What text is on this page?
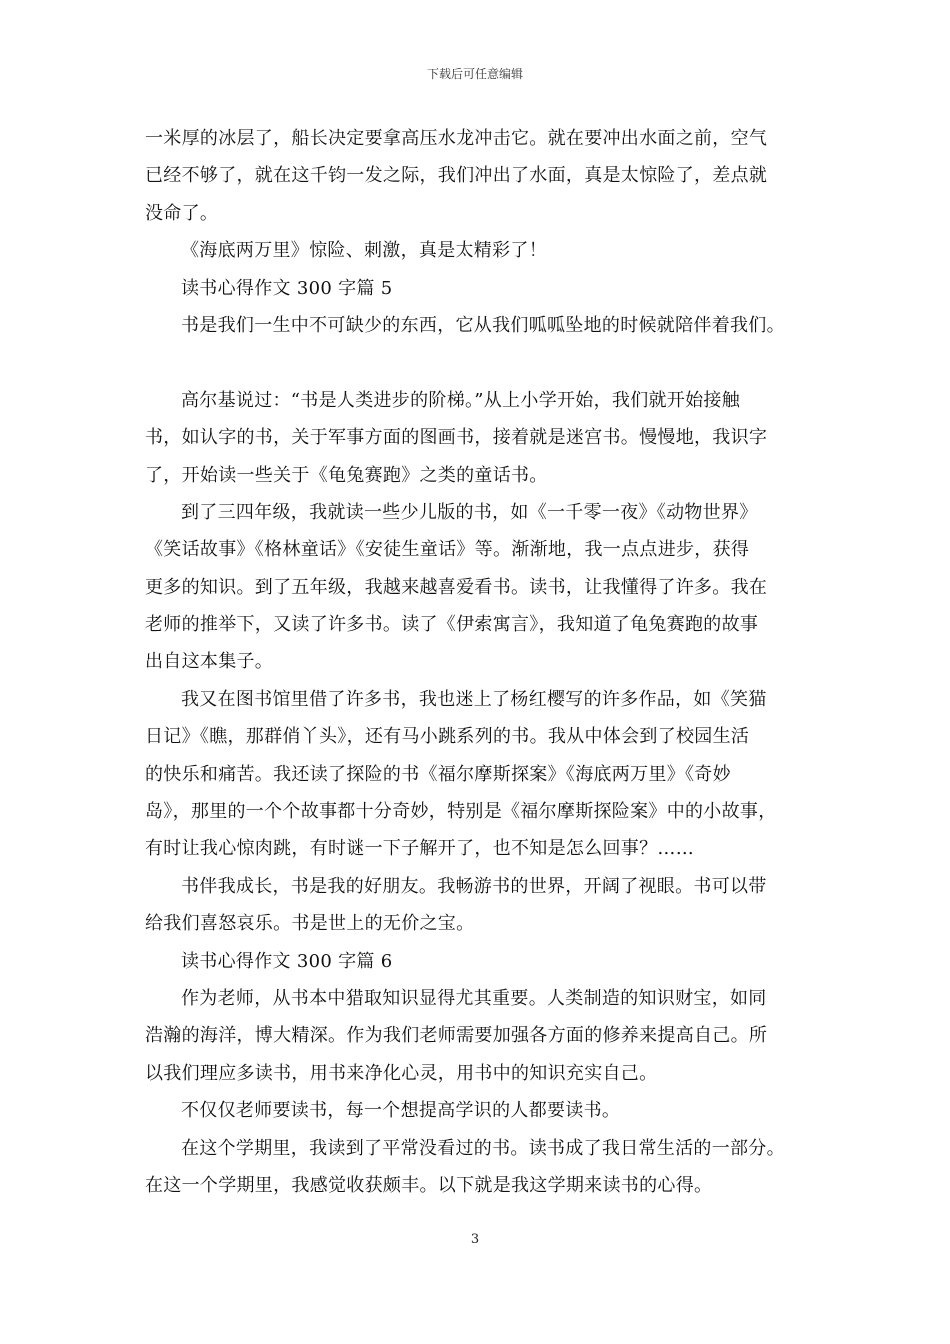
下载后可任意编辑
一米厚的冰层了，船长决定要拿高压水龙冲击它。就在要冲出水面之前，空气
已经不够了，就在这千钧一发之际，我们冲出了水面，真是太惊险了，差点就
没命了。
《海底两万里》惊险、刺激，真是太精彩了！
读书心得作文 300 字篇 5
书是我们一生中不可缺少的东西，它从我们呱呱坠地的时候就陪伴着我们。
高尔基说过：“书是人类进步的阶梯。”从上小学开始，我们就开始接触
书，如认字的书，关于军事方面的图画书，接着就是迷宫书。慢慢地，我识字
了，开始读一些关于《龟兔赛跑》之类的童话书。
到了三四年级，我就读一些少儿版的书，如《一千零一夜》《动物世界》
《笑话故事》《格林童话》《安徒生童话》等。渐渐地，我一点点进步，获得
更多的知识。到了五年级，我越来越喜爱看书。读书，让我懂得了许多。我在
老师的推举下，又读了许多书。读了《伊索寓言》，我知道了龟兔赛跑的故事
出自这本集子。
我又在图书馆里借了许多书，我也迷上了杨红樱写的许多作品，如《笑猫
日记》《瞧，那群俏丫头》，还有马小跳系列的书。我从中体会到了校园生活
的快乐和痛苦。我还读了探险的书《福尔摩斯探案》《海底两万里》《奇妙
岛》，那里的一个个故事都十分奇妙，特别是《福尔摩斯探险案》中的小故事，
有时让我心惊肉跳，有时谜一下子解开了，也不知是怎么回事？……
书伴我成长，书是我的好朋友。我畅游书的世界，开阔了视眼。书可以带
给我们喜怒哀乐。书是世上的无价之宝。
读书心得作文 300 字篇 6
作为老师，从书本中猎取知识显得尤其重要。人类制造的知识财宝，如同
浩瀚的海洋，博大精深。作为我们老师需要加强各方面的修养来提高自己。所
以我们理应多读书，用书来净化心灵，用书中的知识充实自己。
不仅仅老师要读书，每一个想提高学识的人都要读书。
在这个学期里，我读到了平常没看过的书。读书成了我日常生活的一部分。
在这一个学期里，我感觉收获颇丰。以下就是我这学期来读书的心得。
3
